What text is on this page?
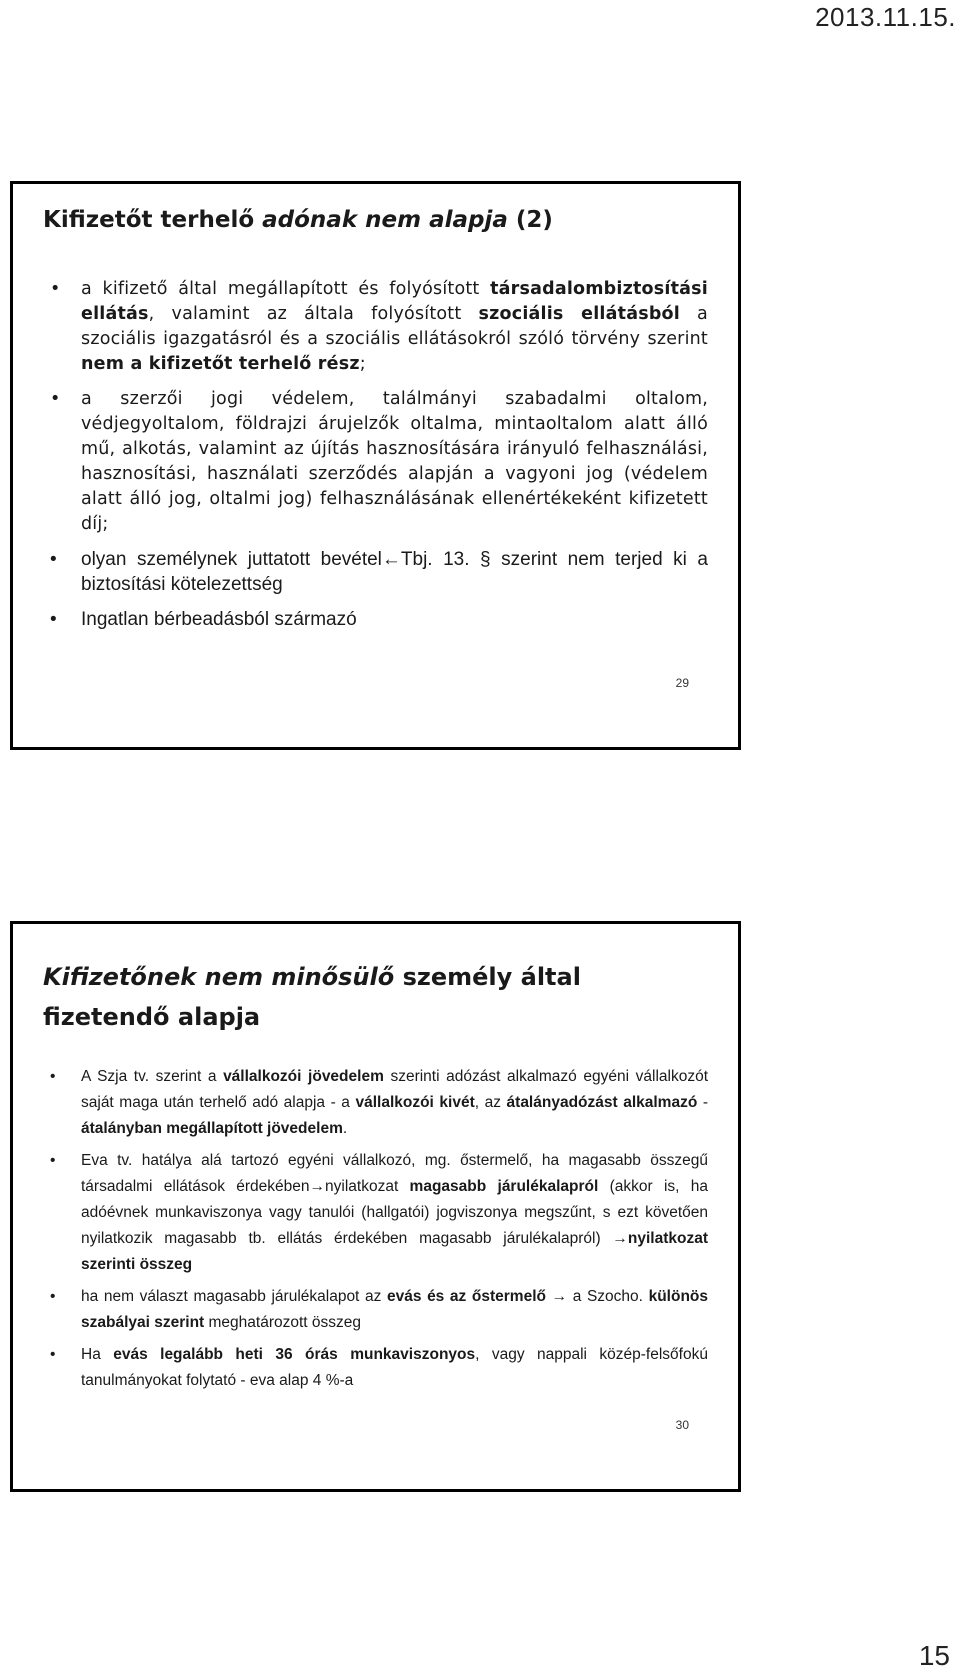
2013.11.15.
Kifizetőt terhelő adónak nem alapja (2)
• a kifizető által megállapított és folyósított társadalombiztosítási ellátás, valamint az általa folyósított szociális ellátásból a szociális igazgatásról és a szociális ellátásokról szóló törvény szerint nem a kifizetőt terhelő rész;
• a szerzői jogi védelem, találmányi szabadalmi oltalom, védjegyoltalom, földrajzi árujelzők oltalma, mintaoltalom alatt álló mű, alkotás, valamint az újítás hasznosítására irányuló felhasználási, hasznosítási, használati szerződés alapján a vagyoni jog (védelem alatt álló jog, oltalmi jog) felhasználásának ellenértékeként kifizetett díj;
• olyan személynek juttatott bevétel←Tbj. 13. § szerint nem terjed ki a biztosítási kötelezettség
• Ingatlan bérbeadásból származó
29
Kifizetőnek nem minősülő személy által fizetendő alapja
• A Szja tv. szerint a vállalkozói jövedelem szerinti adózást alkalmazó egyéni vállalkozót saját maga után terhelő adó alapja - a vállalkozói kivét, az átalányadózást alkalmazó - átalányban megállapított jövedelem.
• Eva tv. hatálya alá tartozó egyéni vállalkozó, mg. őstermelő, ha magasabb összegű társadalmi ellátások érdekében→nyilatkozat magasabb járulékalapról (akkor is, ha adóévnek munkaviszonya vagy tanulói (hallgatói) jogviszonya megszűnt, s ezt követően nyilatkozik magasabb tb. ellátás érdekében magasabb járulékalapról) →nyilatkozat szerinti összeg
• ha nem választ magasabb járulékalapot az evás és az őstermelő → a Szocho. különös szabályai szerint meghatározott összeg
• Ha evás legalább heti 36 órás munkaviszonyos, vagy nappali közép-felsőfokú tanulmányokat folytató - eva alap 4 %-a
30
15
